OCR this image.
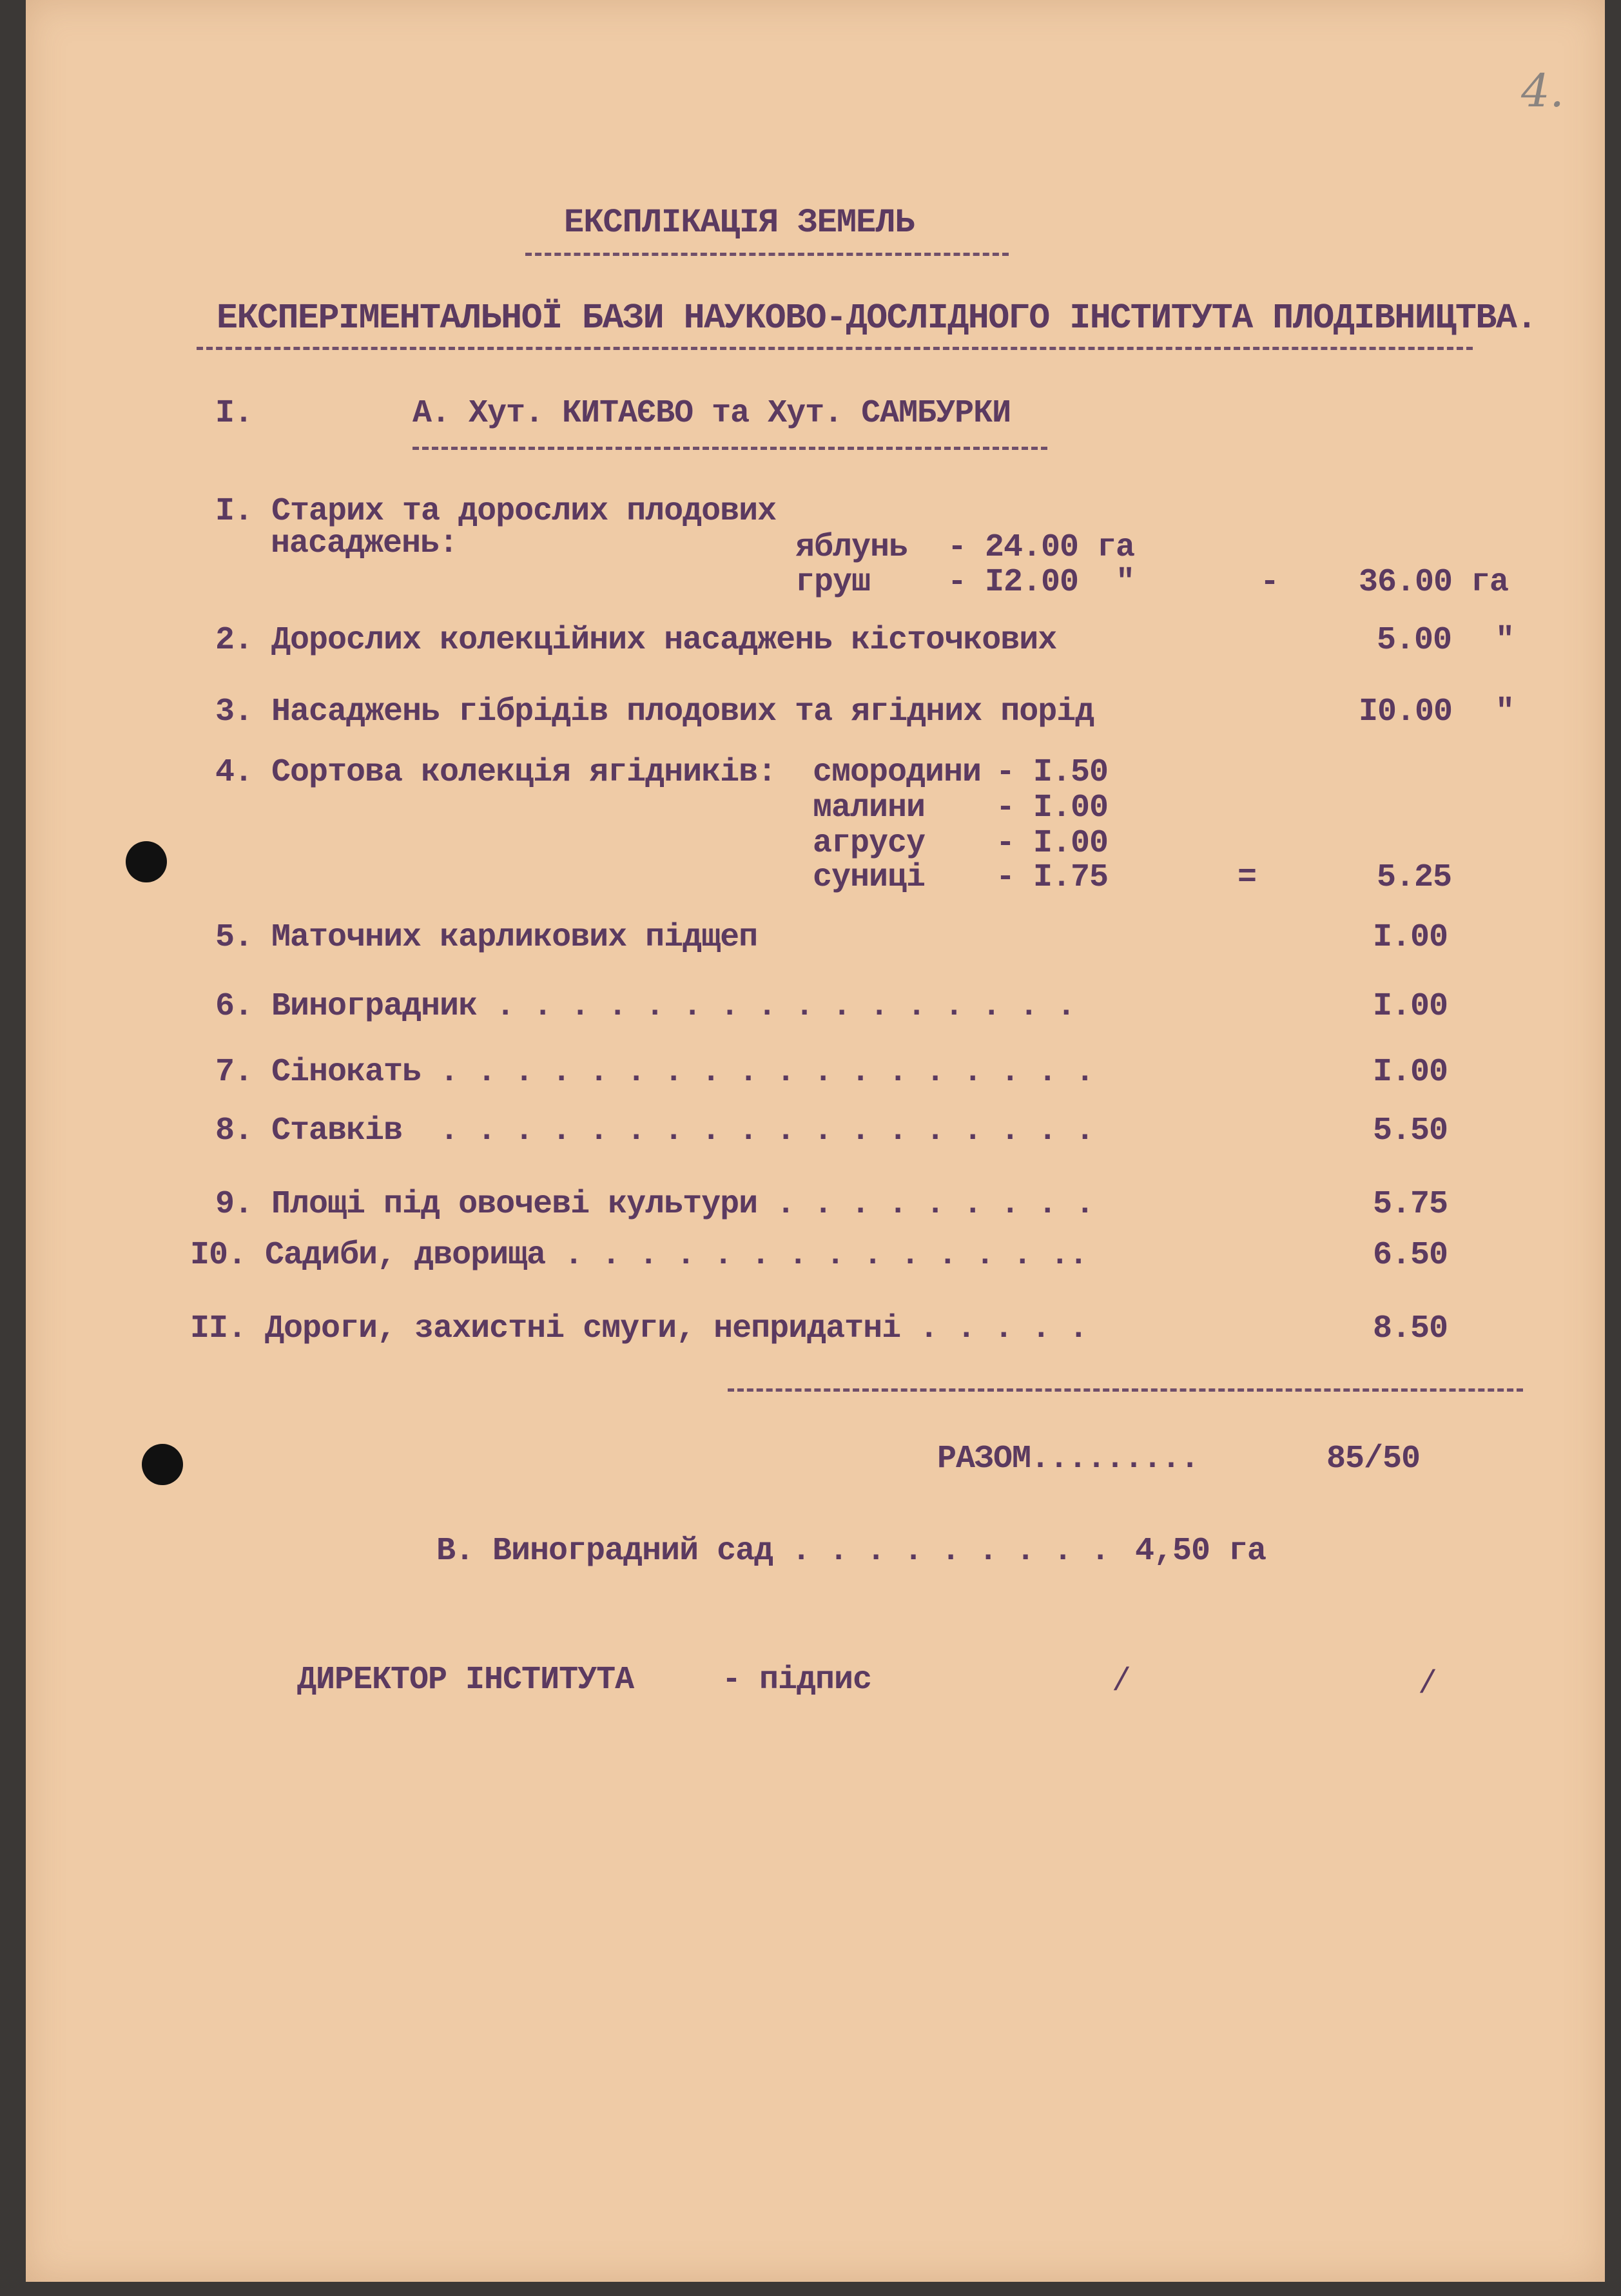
4.
ЕКСПЛІКАЦІЯ ЗЕМЕЛЬ
ЕКСПЕРІМЕНТАЛЬНОЇ БАЗИ НАУКОВО-ДОСЛІДНОГО ІНСТИТУТА ПЛОДІВНИЦТВА.
I.	А. Хут. КИТАЄВО та Хут. САМБУРКИ
I. Старих та дорослих плодових
насаджень:	яблунь - 24.00 га
груш - I2.00  "	- 36.00 га
2. Дорослих колекційних насаджень кісточкових	5.00 "
3. Насаджень гібрідів плодових та ягідних порід	I0.00 "
4. Сортова колекція ягідників: смородини - I.50
малини - I.00
агрусу - I.00
суниці - I.75	=	5.25
5. Маточних карликових підщеп	I.00
6. Виноградник . . . . . . . . . . . . . . . .	I.00
7. Сінокать . . . . . . . . . . . . . . . . . .	I.00
8. Ставків  . . . . . . . . . . . . . . . . . .	5.50
9. Площі під овочеві культури . . . . . . . . .	5.75
I0. Садиби, дворища . . . . . . . . . . . . . ..	6.50
II. Дороги, захистні смуги, непридатні . . . . .	8.50
РАЗОМ.........	85/50
В. Виноградний сад . . . . . . . . . 4,50 га
ДИРЕКТОР ІНСТИТУТА	- підпис	/	/
